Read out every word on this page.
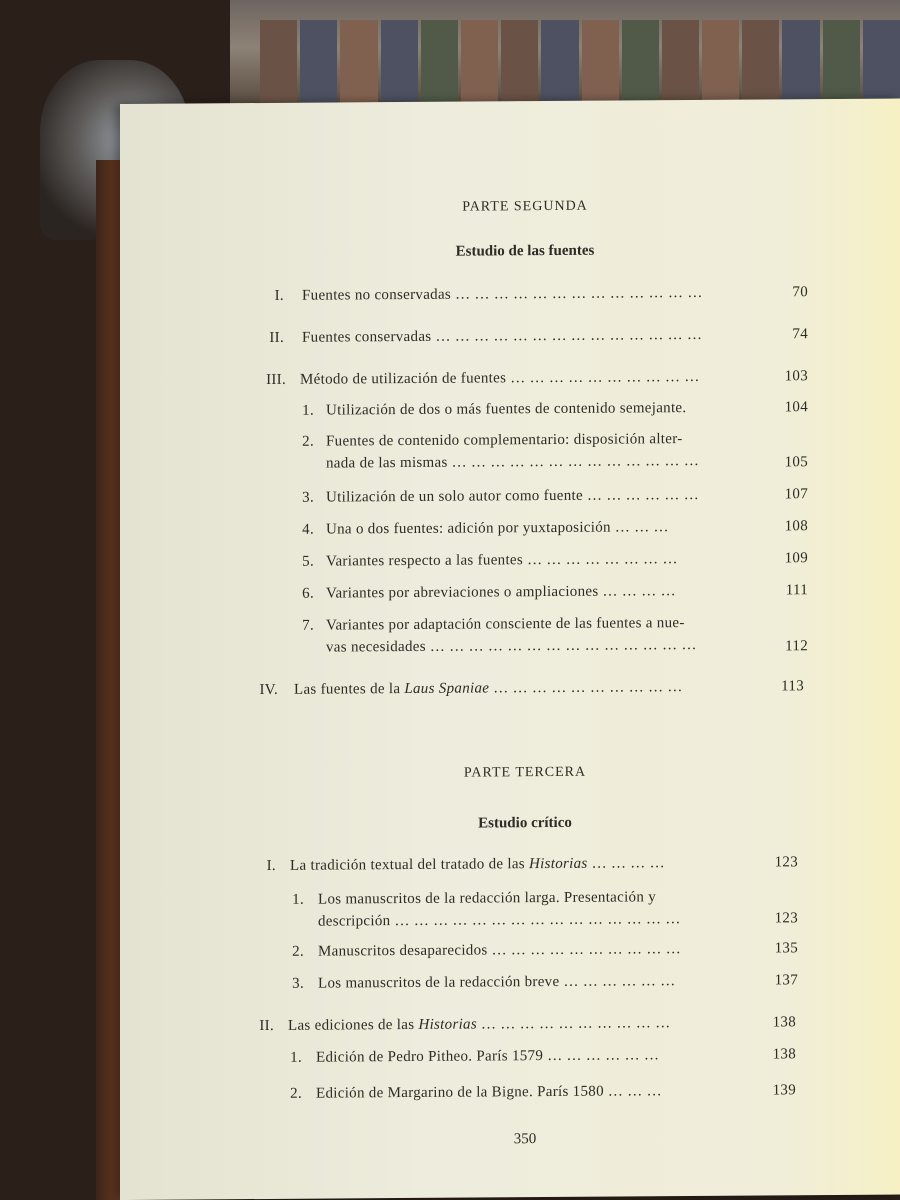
PARTE SEGUNDA
Estudio de las fuentes
I. Fuentes no conservadas … … … … … … … … … … … … …	70
II. Fuentes conservadas … … … … … … … … … … … … … …	74
III. Método de utilización de fuentes … … … … … … … … … …	103
1. Utilización de dos o más fuentes de contenido semejante.	104
2. Fuentes de contenido complementario: disposición alter-
nada de las mismas … … … … … … … … … … … … …	105
3. Utilización de un solo autor como fuente … … … … … …	107
4. Una o dos fuentes: adición por yuxtaposición … … …	108
5. Variantes respecto a las fuentes … … … … … … … …	109
6. Variantes por abreviaciones o ampliaciones … … … …	111
7. Variantes por adaptación consciente de las fuentes a nue-
vas necesidades … … … … … … … … … … … … … …	112
IV. Las fuentes de la Laus Spaniae … … … … … … … … … …	113
PARTE TERCERA
Estudio crítico
I. La tradición textual del tratado de las Historias … … … …	123
1. Los manuscritos de la redacción larga. Presentación y
descripción … … … … … … … … … … … … … … …	123
2. Manuscritos desaparecidos … … … … … … … … … …	135
3. Los manuscritos de la redacción breve … … … … … …	137
II. Las ediciones de las Historias … … … … … … … … … …	138
1. Edición de Pedro Pitheo. París 1579 … … … … … …	138
2. Edición de Margarino de la Bigne. París 1580 … … …	139
350
